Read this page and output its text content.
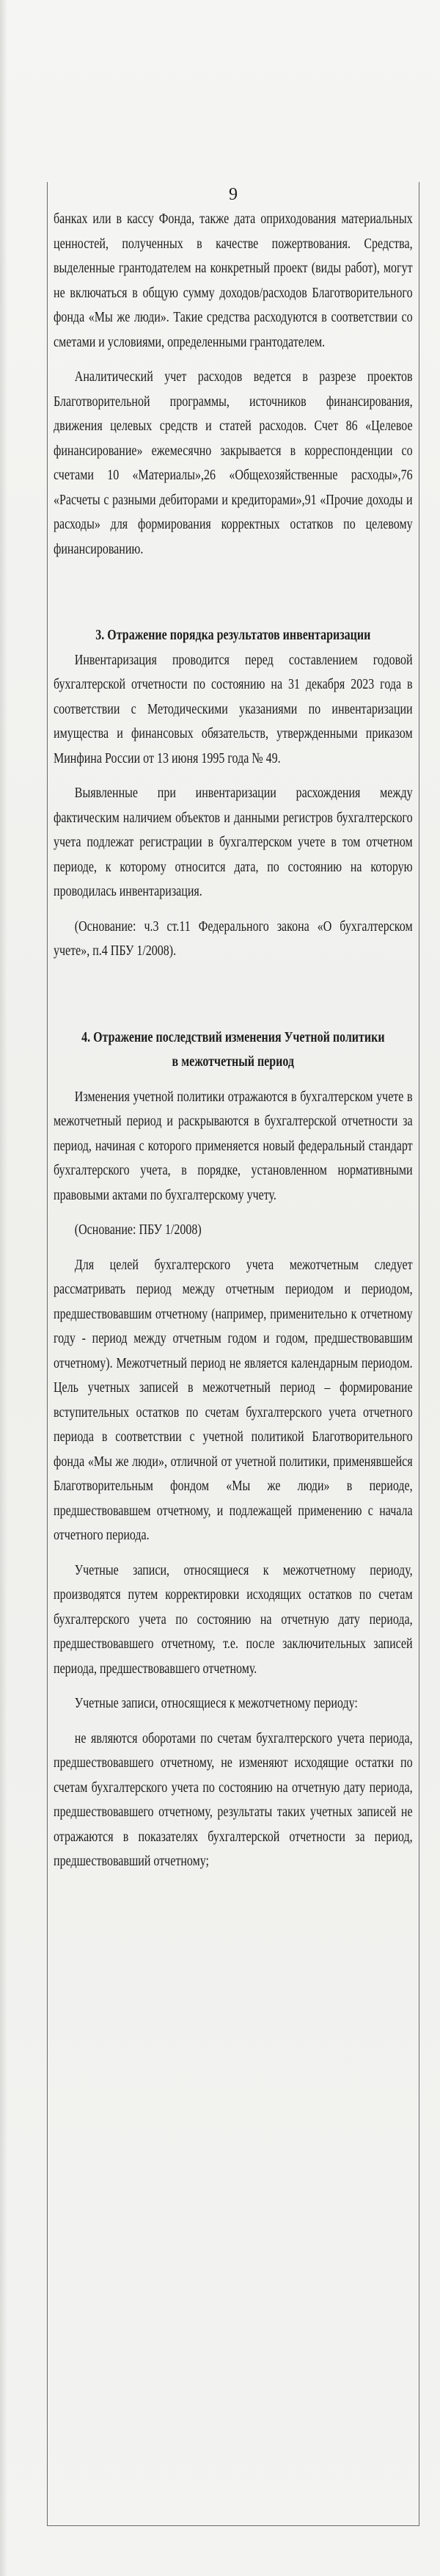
9

банках или в кассу Фонда, также дата оприходования материальных ценностей, полученных в качестве пожертвования. Средства, выделенные грантодателем на конкретный проект (виды работ), могут не включаться в общую сумму доходов/расходов Благотворительного фонда «Мы же люди». Такие средства расходуются в соответствии со сметами и условиями, определенными грантодателем.

Аналитический учет расходов ведется в разрезе проектов Благотворительной программы, источников финансирования, движения целевых средств и статей расходов. Счет 86 «Целевое финансирование» ежемесячно закрывается в корреспонденции со счетами 10 «Материалы»,26 «Общехозяйственные расходы»,76 «Расчеты с разными дебиторами и кредиторами»,91 «Прочие доходы и расходы» для формирования корректных остатков по целевому финансированию.

3. Отражение порядка результатов инвентаризации

Инвентаризация проводится перед составлением годовой бухгалтерской отчетности по состоянию на 31 декабря 2023 года в соответствии с Методическими указаниями по инвентаризации имущества и финансовых обязательств, утвержденными приказом Минфина России от 13 июня 1995 года № 49.

Выявленные при инвентаризации расхождения между фактическим наличием объектов и данными регистров бухгалтерского учета подлежат регистрации в бухгалтерском учете в том отчетном периоде, к которому относится дата, по состоянию на которую проводилась инвентаризация.

(Основание: ч.3 ст.11 Федерального закона «О бухгалтерском учете», п.4 ПБУ 1/2008).

4. Отражение последствий изменения Учетной политики

в межотчетный период

Изменения учетной политики отражаются в бухгалтерском учете в межотчетный период и раскрываются в бухгалтерской отчетности за период, начиная с которого применяется новый федеральный стандарт бухгалтерского учета, в порядке, установленном нормативными правовыми актами по бухгалтерскому учету.

(Основание: ПБУ 1/2008)

Для целей бухгалтерского учета межотчетным следует рассматривать период между отчетным периодом и периодом, предшествовавшим отчетному (например, применительно к отчетному году - период между отчетным годом и годом, предшествовавшим отчетному). Межотчетный период не является календарным периодом. Цель учетных записей в межотчетный период – формирование вступительных остатков по счетам бухгалтерского учета отчетного периода в соответствии с учетной политикой Благотворительного фонда «Мы же люди», отличной от учетной политики, применявшейся Благотворительным фондом «Мы же люди» в периоде, предшествовавшем отчетному, и подлежащей применению с начала отчетного периода.

Учетные записи, относящиеся к межотчетному периоду, производятся путем корректировки исходящих остатков по счетам бухгалтерского учета по состоянию на отчетную дату периода, предшествовавшего отчетному, т.е. после заключительных записей периода, предшествовавшего отчетному.

Учетные записи, относящиеся к межотчетному периоду:

не являются оборотами по счетам бухгалтерского учета периода, предшествовавшего отчетному, не изменяют исходящие остатки по счетам бухгалтерского учета по состоянию на отчетную дату периода, предшествовавшего отчетному, результаты таких учетных записей не отражаются в показателях бухгалтерской отчетности за период, предшествовавший отчетному;
